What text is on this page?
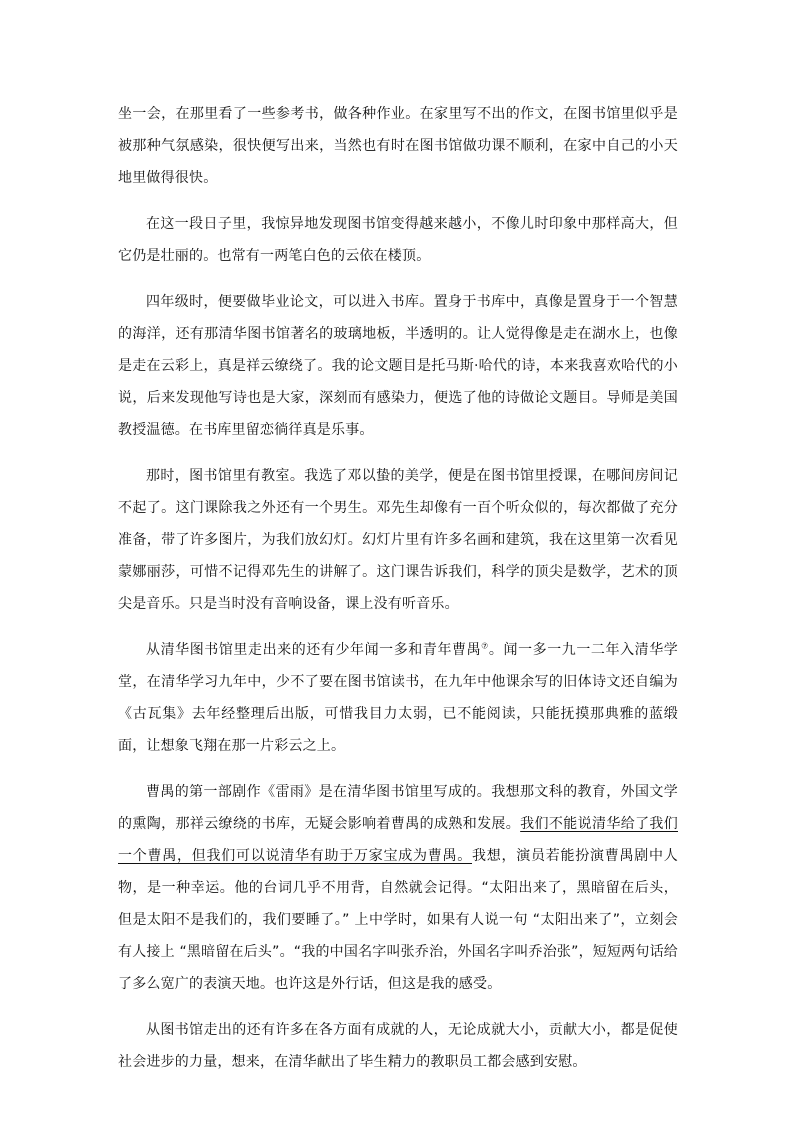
坐一会，在那里看了一些参考书，做各种作业。在家里写不出的作文，在图书馆里似乎是被那种气氛感染，很快便写出来，当然也有时在图书馆做功课不顺利，在家中自己的小天地里做得很快。

在这一段日子里，我惊异地发现图书馆变得越来越小，不像儿时印象中那样高大，但它仍是壮丽的。也常有一两笔白色的云依在楼顶。

四年级时，便要做毕业论文，可以进入书库。置身于书库中，真像是置身于一个智慧的海洋，还有那清华图书馆著名的玻璃地板，半透明的。让人觉得像是走在湖水上，也像是走在云彩上，真是祥云缭绕了。我的论文题目是托马斯·哈代的诗，本来我喜欢哈代的小说，后来发现他写诗也是大家，深刻而有感染力，便选了他的诗做论文题目。导师是美国教授温德。在书库里留恋徜徉真是乐事。

那时，图书馆里有教室。我选了邓以蛰的美学，便是在图书馆里授课，在哪间房间记不起了。这门课除我之外还有一个男生。邓先生却像有一百个听众似的，每次都做了充分准备，带了许多图片，为我们放幻灯。幻灯片里有许多名画和建筑，我在这里第一次看见蒙娜丽莎，可惜不记得邓先生的讲解了。这门课告诉我们，科学的顶尖是数学，艺术的顶尖是音乐。只是当时没有音响设备，课上没有听音乐。

从清华图书馆里走出来的还有少年闻一多和青年曹禺⑦。闻一多一九一二年入清华学堂，在清华学习九年中，少不了要在图书馆读书，在九年中他课余写的旧体诗文还自编为《古瓦集》去年经整理后出版，可惜我目力太弱，已不能阅读，只能抚摸那典雅的蓝缎面，让想象飞翔在那一片彩云之上。

曹禺的第一部剧作《雷雨》是在清华图书馆里写成的。我想那文科的教育，外国文学的熏陶，那祥云缭绕的书库，无疑会影响着曹禺的成熟和发展。我们不能说清华给了我们一个曹禺，但我们可以说清华有助于万家宝成为曹禺。我想，演员若能扮演曹禺剧中人物，是一种幸运。他的台词几乎不用背，自然就会记得。“太阳出来了，黑暗留在后头，但是太阳不是我们的，我们要睡了。” 上中学时，如果有人说一句 “太阳出来了”，立刻会有人接上 “黑暗留在后头”。“我的中国名字叫张乔治，外国名字叫乔治张”，短短两句话给了多么宽广的表演天地。也许这是外行话，但这是我的感受。

从图书馆走出的还有许多在各方面有成就的人，无论成就大小，贡献大小，都是促使社会进步的力量，想来，在清华献出了毕生精力的教职员工都会感到安慰。
